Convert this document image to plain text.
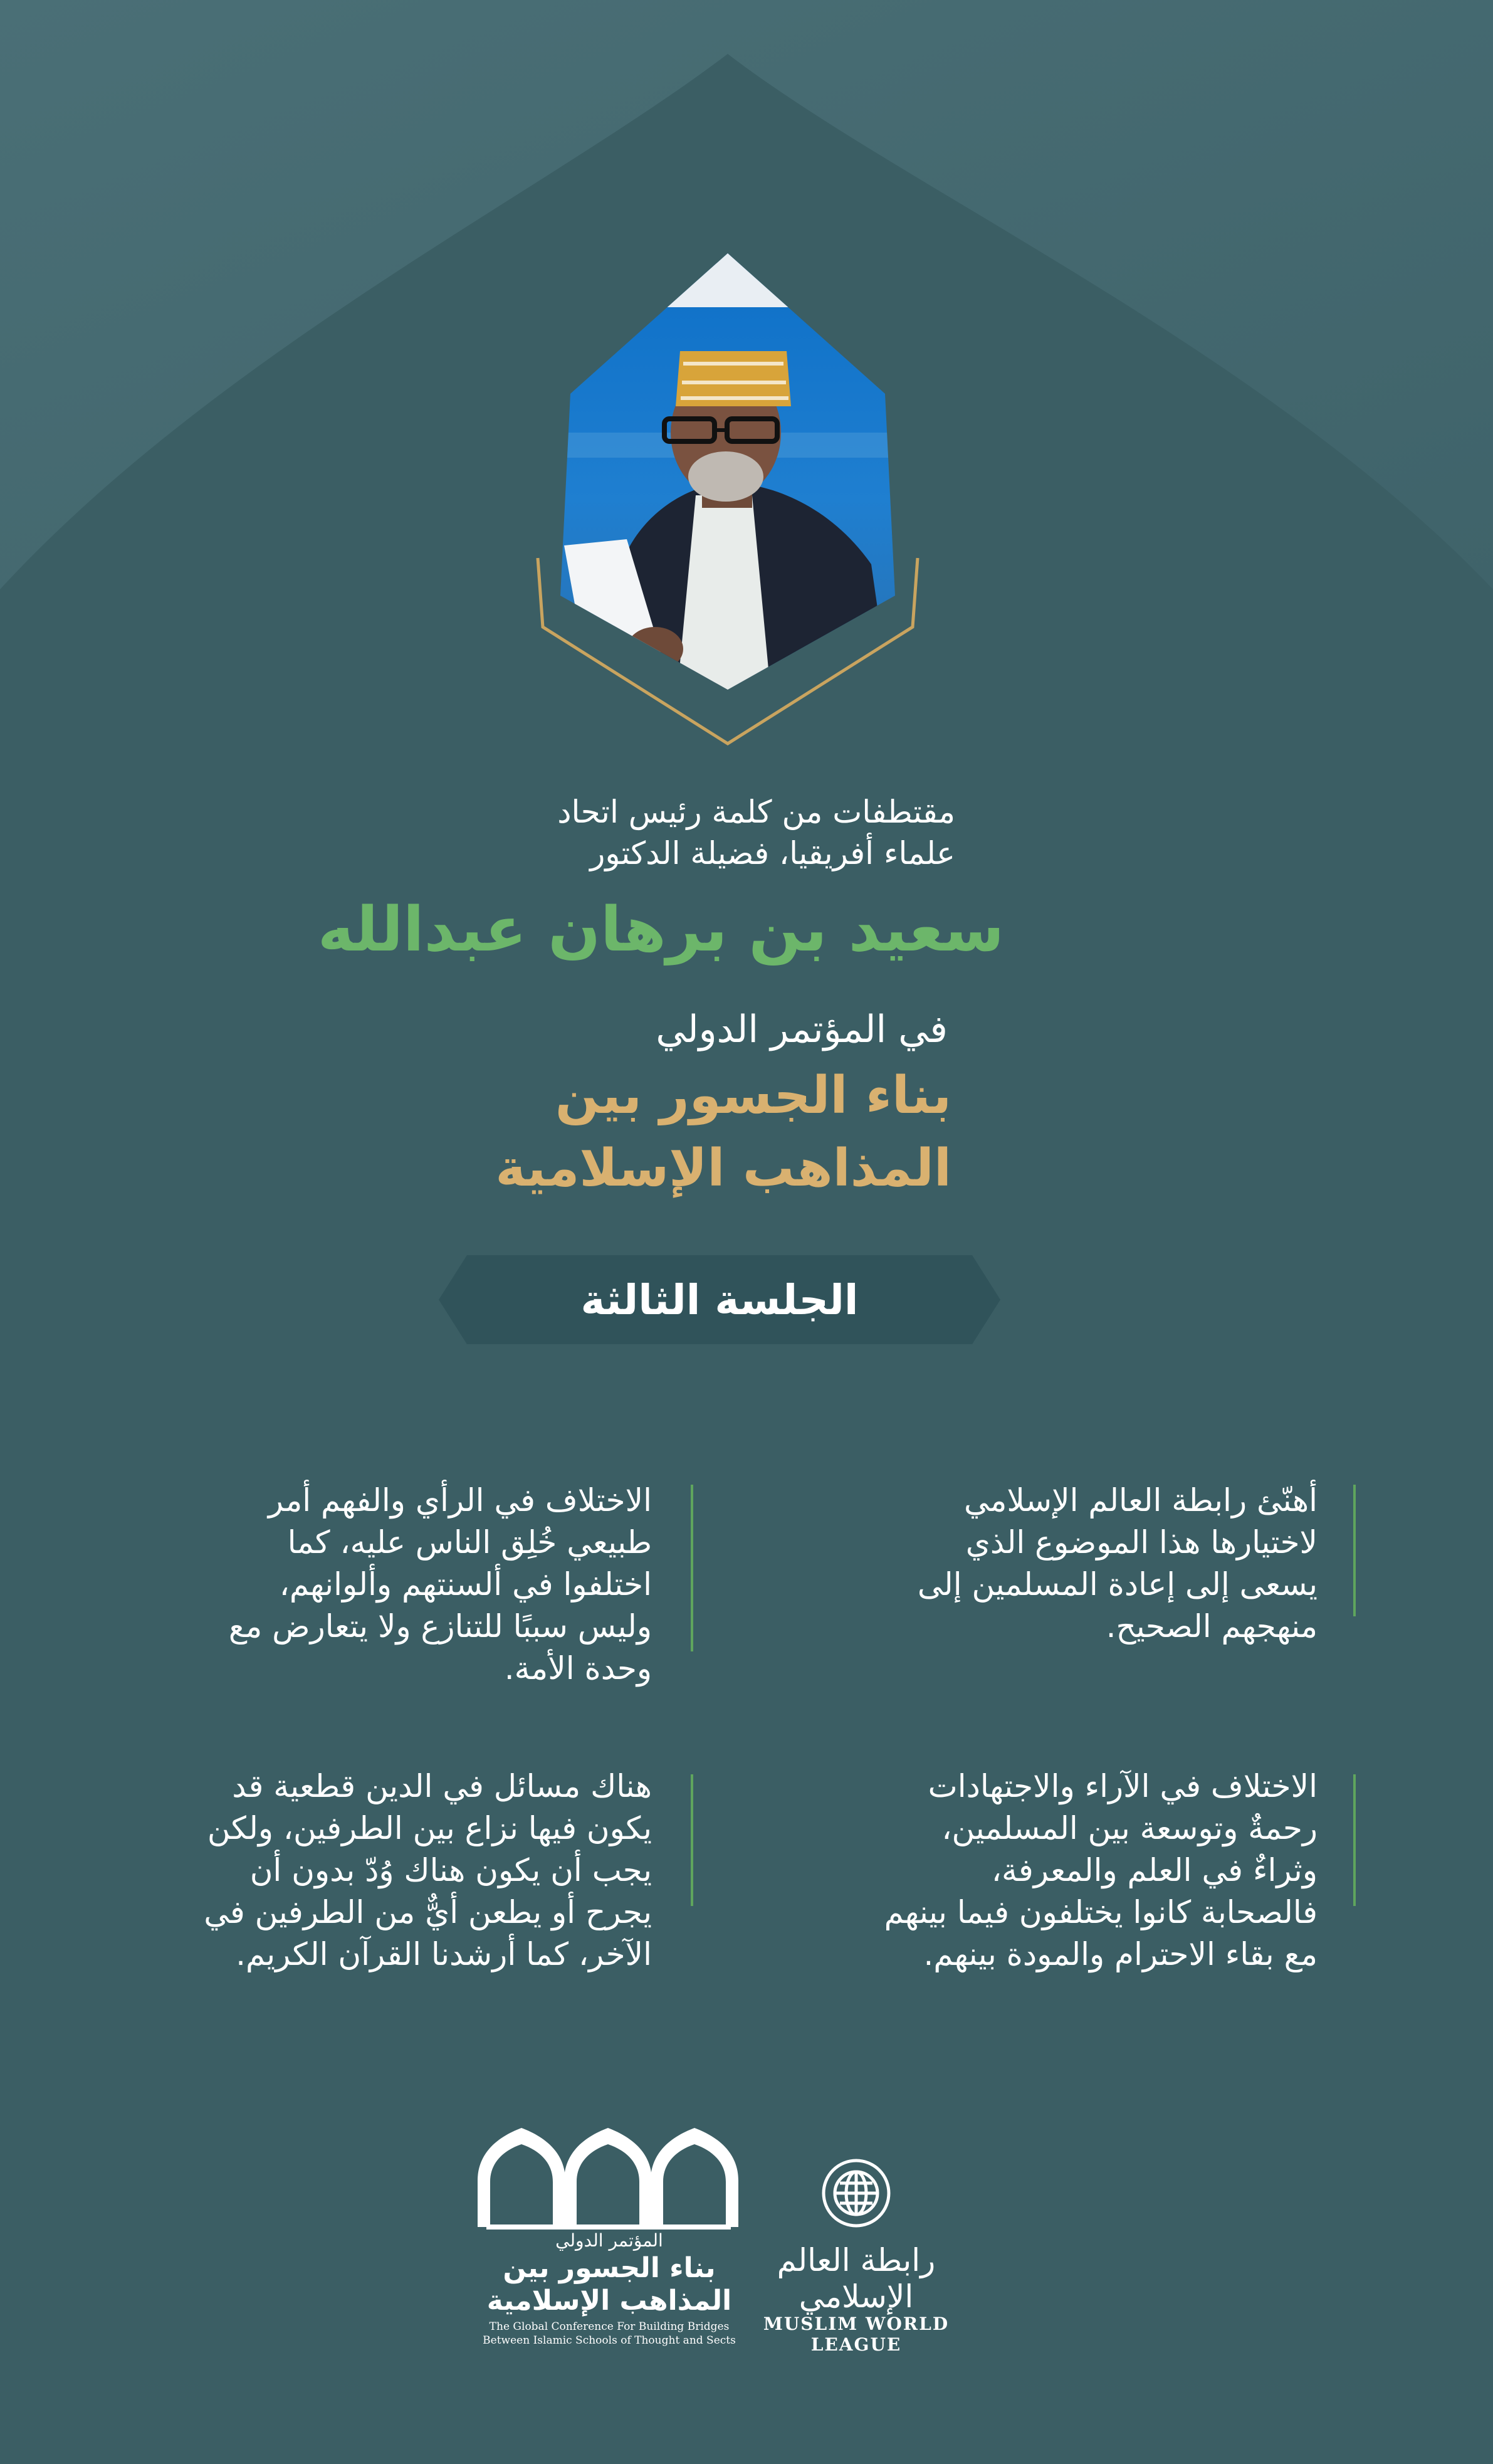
مقتطفات من كلمة رئيس اتحاد
علماء أفريقيا، فضيلة الدكتور
سعيد بن برهان عبدالله
في المؤتمر الدولي
بناء الجسور بين
المذاهب الإسلامية
الجلسة الثالثة
أهنّئ رابطة العالم الإسلامي
لاختيارها هذا الموضوع الذي
يسعى إلى إعادة المسلمين إلى
منهجهم الصحيح.
الاختلاف في الرأي والفهم أمر
طبيعي خُلِق الناس عليه، كما
اختلفوا في ألسنتهم وألوانهم،
وليس سببًا للتنازع ولا يتعارض مع
وحدة الأمة.
الاختلاف في الآراء والاجتهادات
رحمةٌ وتوسعة بين المسلمين،
وثراءٌ في العلم والمعرفة،
فالصحابة كانوا يختلفون فيما بينهم
مع بقاء الاحترام والمودة بينهم.
هناك مسائل في الدين قطعية قد
يكون فيها نزاع بين الطرفين، ولكن
يجب أن يكون هناك وُدّ بدون أن
يجرح أو يطعن أيٌّ من الطرفين في
الآخر، كما أرشدنا القرآن الكريم.
المؤتمر الدولي
بناء الجسور بين
المذاهب الإسلامية
The Global Conference For Building Bridges
Between Islamic Schools of Thought and Sects
رابطة العالم الإسلامي
MUSLIM WORLD LEAGUE
